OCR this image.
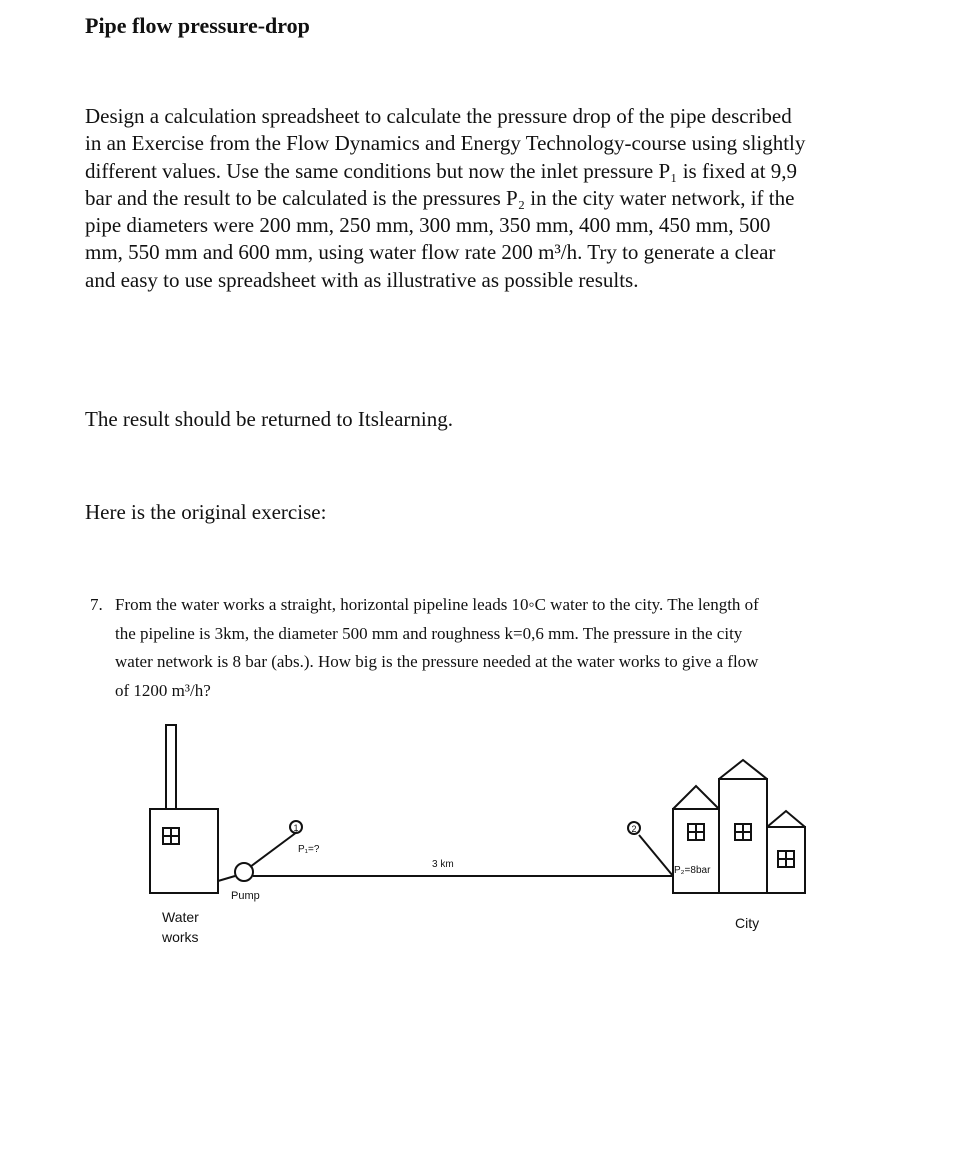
Pipe flow pressure-drop

Design a calculation spreadsheet to calculate the pressure drop of the pipe described
in an Exercise from the Flow Dynamics and Energy Technology-course using slightly
different values. Use the same conditions but now the inlet pressure P₁ is fixed at 9,9
bar and the result to be calculated is the pressures P₂ in the city water network, if the
pipe diameters were 200 mm, 250 mm, 300 mm, 350 mm, 400 mm, 450 mm, 500
mm, 550 mm and 600 mm, using water flow rate 200 m³/h. Try to generate a clear
and easy to use spreadsheet with as illustrative as possible results.

The result should be returned to Itslearning.

Here is the original exercise:

7. From the water works a straight, horizontal pipeline leads 10◦C water to the city. The length of
the pipeline is 3km, the diameter 500 mm and roughness k=0,6 mm. The pressure in the city
water network is 8 bar (abs.). How big is the pressure needed at the water works to give a flow
of 1200 m³/h?
1	2
P₁=?
3 km
P₂=8bar
Pump
Water
works
City
